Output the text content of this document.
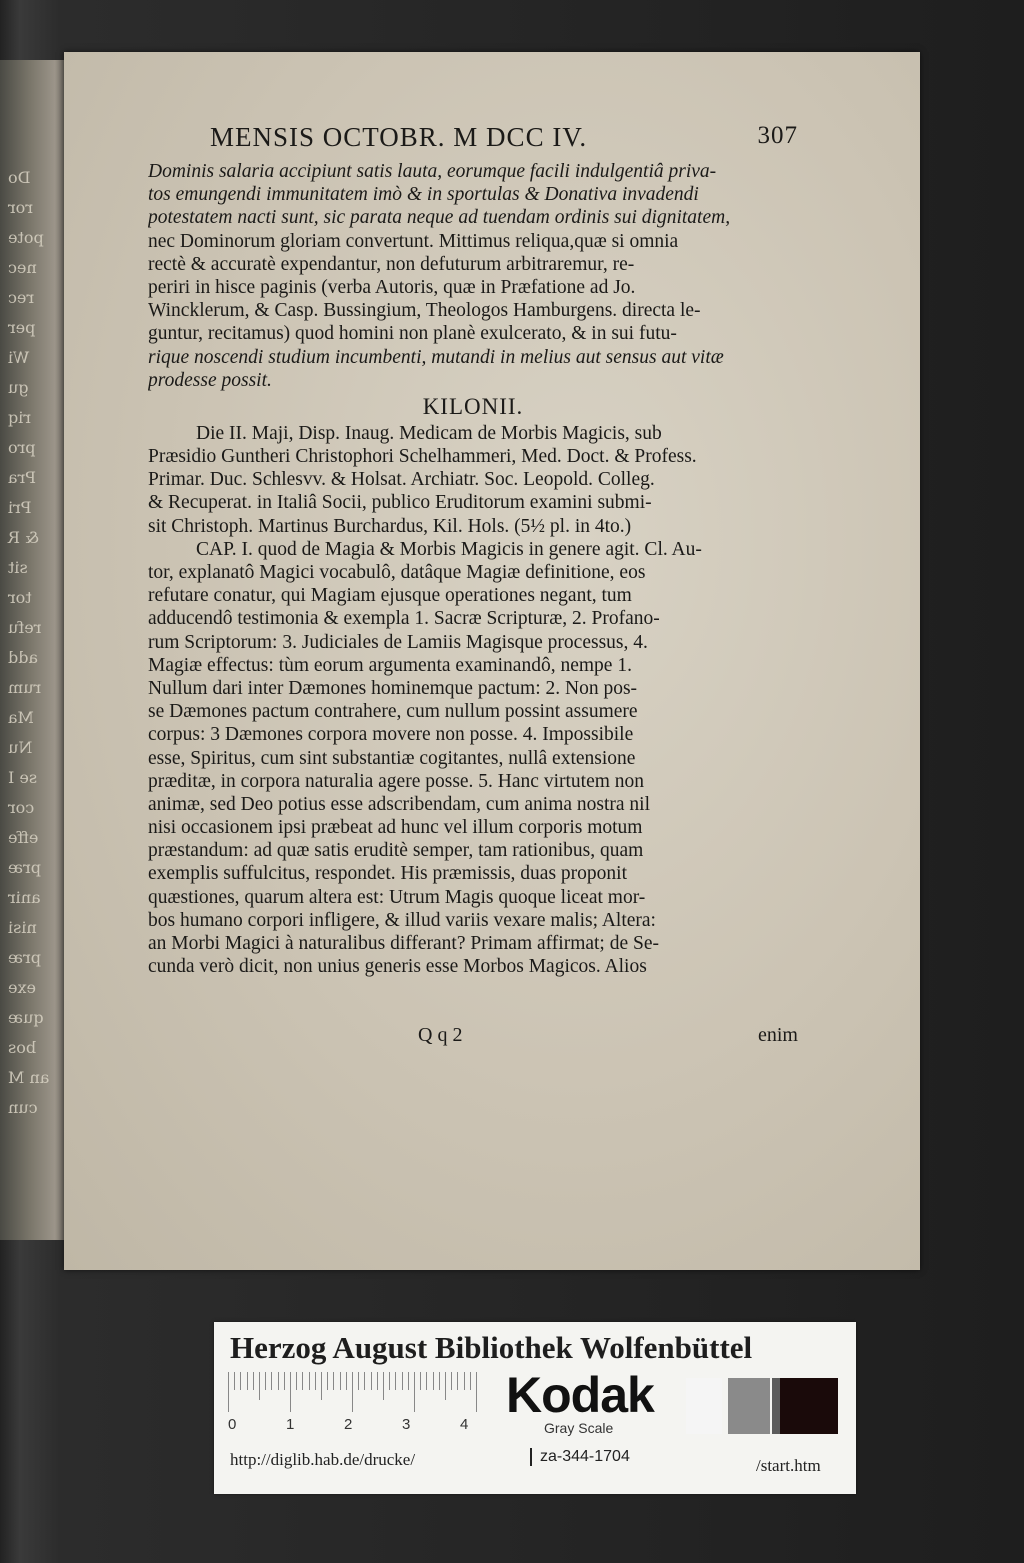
Do
ror
pote
nec
rec
per
Wi
gu
riq
pro
Pra
Pri
& R
sit
tor
refu
add
rum
Ma
Nu
se I
cor
effe
præ
anir
nisi
præ
exe
quæ
bos
an M
cun
MENSIS OCTOBR. M DCC IV.	307
Dominis salaria accipiunt satis lauta, eorumque facili indulgentiâ priva-
tos emungendi immunitatem imò & in sportulas & Donativa invadendi
potestatem nacti sunt, sic parata neque ad tuendam ordinis sui dignitatem,
nec Dominorum gloriam convertunt. Mittimus reliqua,quæ si omnia
rectè & accuratè expendantur, non defuturum arbitraremur, re-
periri in hisce paginis (verba Autoris, quæ in Præfatione ad Jo.
Wincklerum, & Casp. Bussingium, Theologos Hamburgens. directa le-
guntur, recitamus) quod homini non planè exulcerato, & in sui futu-
rique noscendi studium incumbenti, mutandi in melius aut sensus aut vitæ
prodesse possit.
KILONII.
Die II. Maji, Disp. Inaug. Medicam de Morbis Magicis, sub
Præsidio Guntheri Christophori Schelhammeri, Med. Doct. & Profess.
Primar. Duc. Schlesvv. & Holsat. Archiatr. Soc. Leopold. Colleg.
& Recuperat. in Italiâ Socii, publico Eruditorum examini submi-
sit Christoph. Martinus Burchardus, Kil. Hols. (5½ pl. in 4to.)
CAP. I. quod de Magia & Morbis Magicis in genere agit. Cl. Au-
tor, explanatô Magici vocabulô, datâque Magiæ definitione, eos
refutare conatur, qui Magiam ejusque operationes negant, tum
adducendô testimonia & exempla 1. Sacræ Scripturæ, 2. Profano-
rum Scriptorum: 3. Judiciales de Lamiis Magisque processus, 4.
Magiæ effectus: tùm eorum argumenta examinandô, nempe 1.
Nullum dari inter Dæmones hominemque pactum: 2. Non pos-
se Dæmones pactum contrahere, cum nullum possint assumere
corpus: 3 Dæmones corpora movere non posse. 4. Impossibile
esse, Spiritus, cum sint substantiæ cogitantes, nullâ extensione
præditæ, in corpora naturalia agere posse. 5. Hanc virtutem non
animæ, sed Deo potius esse adscribendam, cum anima nostra nil
nisi occasionem ipsi præbeat ad hunc vel illum corporis motum
præstandum: ad quæ satis eruditè semper, tam rationibus, quam
exemplis suffulcitus, respondet. His præmissis, duas proponit
quæstiones, quarum altera est: Utrum Magis quoque liceat mor-
bos humano corpori infligere, & illud variis vexare malis; Altera:
an Morbi Magici à naturalibus differant? Primam affirmat; de Se-
cunda verò dicit, non unius generis esse Morbos Magicos. Alios
Q q 2	enim
Herzog August Bibliothek Wolfenbüttel
0	1	2	3	4
Kodak
Gray Scale
http://diglib.hab.de/drucke/	za-344-1704	/start.htm
